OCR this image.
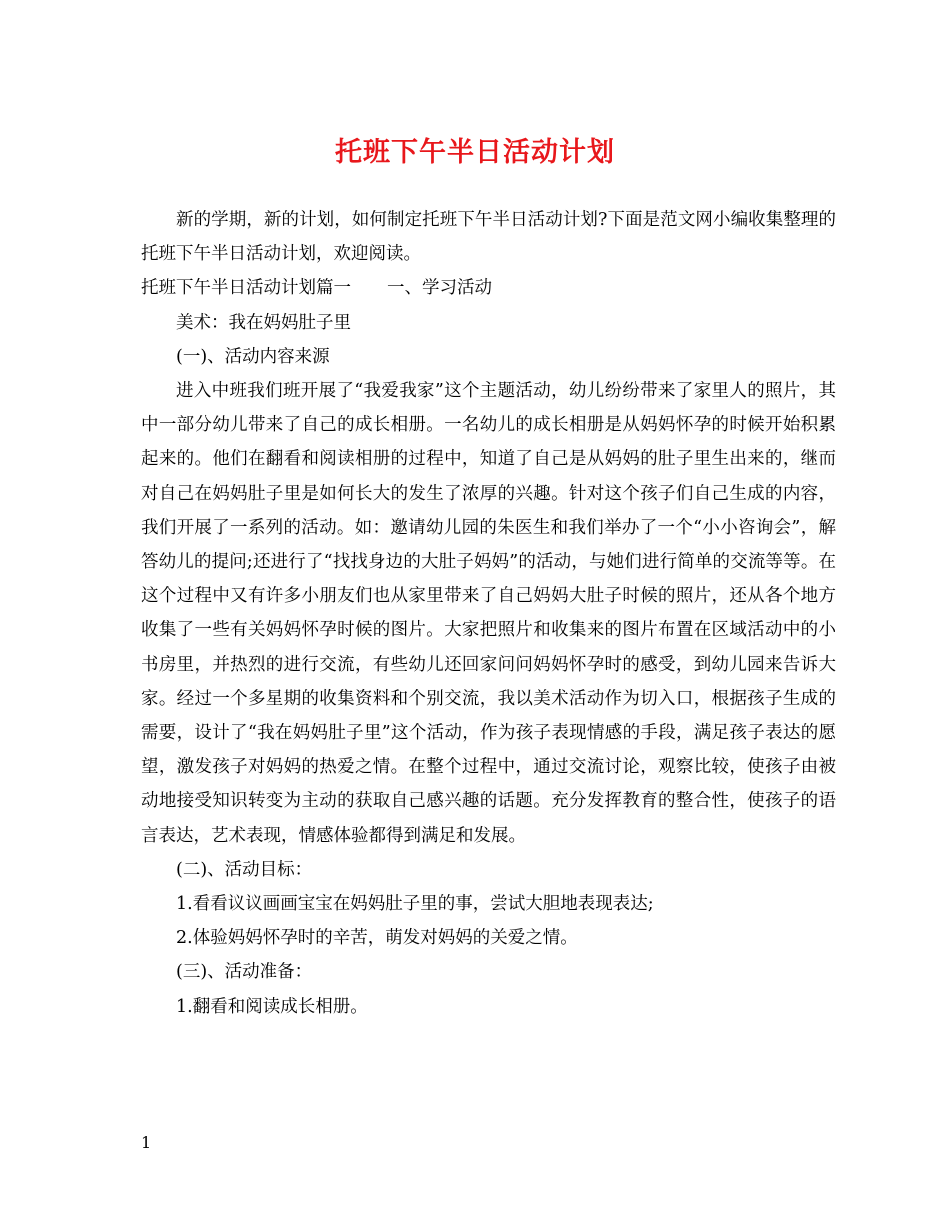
托班下午半日活动计划

新的学期，新的计划，如何制定托班下午半日活动计划?下面是范文网小编收集整理的托班下午半日活动计划，欢迎阅读。

托班下午半日活动计划篇一 一、学习活动

美术：我在妈妈肚子里

(一)、活动内容来源

进入中班我们班开展了“我爱我家”这个主题活动，幼儿纷纷带来了家里人的照片，其中一部分幼儿带来了自己的成长相册。一名幼儿的成长相册是从妈妈怀孕的时候开始积累起来的。他们在翻看和阅读相册的过程中，知道了自己是从妈妈的肚子里生出来的，继而对自己在妈妈肚子里是如何长大的发生了浓厚的兴趣。针对这个孩子们自己生成的内容，我们开展了一系列的活动。如：邀请幼儿园的朱医生和我们举办了一个“小小咨询会”，解答幼儿的提问;还进行了“找找身边的大肚子妈妈”的活动，与她们进行简单的交流等等。在这个过程中又有许多小朋友们也从家里带来了自己妈妈大肚子时候的照片，还从各个地方收集了一些有关妈妈怀孕时候的图片。大家把照片和收集来的图片布置在区域活动中的小书房里，并热烈的进行交流，有些幼儿还回家问问妈妈怀孕时的感受，到幼儿园来告诉大家。经过一个多星期的收集资料和个别交流，我以美术活动作为切入口，根据孩子生成的需要，设计了“我在妈妈肚子里”这个活动，作为孩子表现情感的手段，满足孩子表达的愿望，激发孩子对妈妈的热爱之情。在整个过程中，通过交流讨论，观察比较，使孩子由被动地接受知识转变为主动的获取自己感兴趣的话题。充分发挥教育的整合性，使孩子的语言表达，艺术表现，情感体验都得到满足和发展。

(二)、活动目标：

1.看看议议画画宝宝在妈妈肚子里的事，尝试大胆地表现表达;

2.体验妈妈怀孕时的辛苦，萌发对妈妈的关爱之情。

(三)、活动准备：

1.翻看和阅读成长相册。

1
